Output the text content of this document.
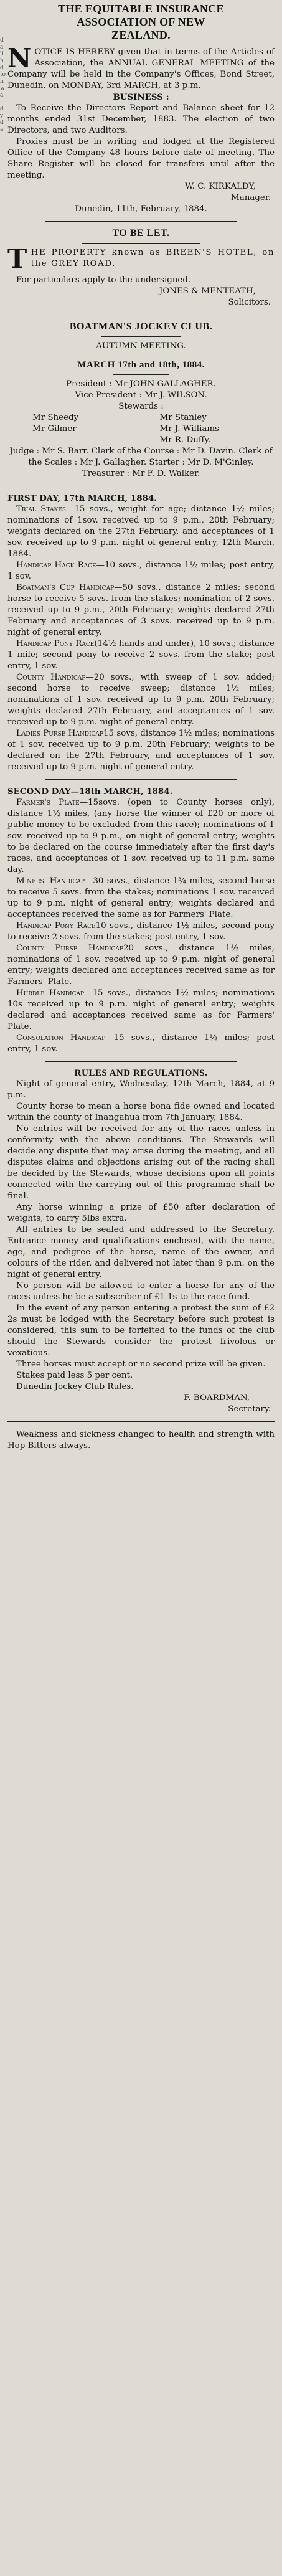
d
a
li
h
d
to
n
w
a

d
y
d
a
THE EQUITABLE INSURANCE
ASSOCIATION OF NEW
ZEALAND.

NOTICE IS HEREBY given that in terms of the Articles of Association, the ANNUAL GENERAL MEETING of the Company will be held in the Company's Offices, Bond Street, Dunedin, on MONDAY, 3rd MARCH, at 3 p.m.

BUSINESS :

To Receive the Directors Report and Balance sheet for 12 months ended 31st December, 1883. The election of two Directors, and two Auditors.

Proxies must be in writing and lodged at the Registered Office of the Company 48 hours before date of meeting. The Share Register will be closed for transfers until after the meeting.

W. C. KIRKALDY,
Manager.
Dunedin, 11th, February, 1884.
TO BE LET.

THE PROPERTY known as BREEN'S HOTEL, on the GREY ROAD.

For particulars apply to the undersigned.

JONES & MENTEATH,
Solicitors.
BOATMAN'S JOCKEY CLUB.
AUTUMN MEETING.
MARCH 17th and 18th, 1884.
President : Mr JOHN GALLAGHER.
Vice-President : Mr J. WILSON.
Stewards :
Mr Sheedy	Mr Stanley
Mr Gilmer	Mr J. Williams
Mr R. Duffy.

Judge : Mr S. Barr. Clerk of the Course : Mr D. Davin. Clerk of the Scales : Mr J. Gallagher. Starter : Mr D. M'Ginley. Treasurer : Mr F. D. Walker.

FIRST DAY, 17th MARCH, 1884.

Trial Stakes—15 sovs., weight for age; distance 1½ miles; nominations of 1sov. received up to 9 p.m., 20th February; weights declared on the 27th February, and acceptances of 1 sov. received up to 9 p.m. night of general entry, 12th March, 1884.

Handicap Hack Race—10 sovs., distance 1½ miles; post entry, 1 sov.

Boatman's Cup Handicap—50 sovs., distance 2 miles; second horse to receive 5 sovs. from the stakes; nomination of 2 sovs. received up to 9 p.m., 20th February; weights declared 27th February and acceptances of 3 sovs. received up to 9 p.m. night of general entry.

Handicap Pony Race(14½ hands and under), 10 sovs.; distance 1 mile; second pony to receive 2 sovs. from the stake; post entry, 1 sov.

County Handicap—20 sovs., with sweep of 1 sov. added; second horse to receive sweep; distance 1½ miles; nominations of 1 sov. received up to 9 p.m. 20th February; weights declared 27th February, and acceptances of 1 sov. received up to 9 p.m. night of general entry.

Ladies Purse Handicap15 sovs, distance 1½ miles; nominations of 1 sov. received up to 9 p.m. 20th February; weights to be declared on the 27th February, and acceptances of 1 sov. received up to 9 p.m. night of general entry.

SECOND DAY—18th MARCH, 1884.

Farmer's Plate—15sovs. (open to County horses only), distance 1½ miles, (any horse the winner of £20 or more of public money to be excluded from this race); nominations of 1 sov. received up to 9 p.m., on night of general entry; weights to be declared on the course immediately after the first day's races, and acceptances of 1 sov. received up to 11 p.m. same day.

Miners' Handicap—30 sovs., distance 1¾ miles, second horse to receive 5 sovs. from the stakes; nominations 1 sov. received up to 9 p.m. night of general entry; weights declared and acceptances received the same as for Farmers' Plate.

Handicap Pony Race10 sovs., distance 1½ miles, second pony to receive 2 sovs. from the stakes; post entry, 1 sov.

County Purse Handicap20 sovs., distance 1½ miles, nominations of 1 sov. received up to 9 p.m. night of general entry; weights declared and acceptances received same as for Farmers' Plate.

Hurdle Handicap—15 sovs., distance 1½ miles; nominations 10s received up to 9 p.m. night of general entry; weights declared and acceptances received same as for Farmers' Plate.

Consolation Handicap—15 sovs., distance 1½ miles; post entry, 1 sov.

RULES AND REGULATIONS.

Night of general entry, Wednesday, 12th March, 1884, at 9 p.m.

County horse to mean a horse bona fide owned and located within the county of Inangahua from 7th January, 1884.

No entries will be received for any of the races unless in conformity with the above conditions. The Stewards will decide any dispute that may arise during the meeting, and all disputes claims and objections arising out of the racing shall be decided by the Stewards, whose decisions upon all points connected with the carrying out of this programme shall be final.

Any horse winning a prize of £50 after declaration of weights, to carry 5lbs extra.

All entries to be sealed and addressed to the Secretary. Entrance money and qualifications enclosed, with the name, age, and pedigree of the horse, name of the owner, and colours of the rider, and delivered not later than 9 p.m. on the night of general entry.

No person will be allowed to enter a horse for any of the races unless he be a subscriber of £1 1s to the race fund.

In the event of any person entering a protest the sum of £2 2s must be lodged with the Secretary before such protest is considered, this sum to be forfeited to the funds of the club should the Stewards consider the protest frivolous or vexatious.

Three horses must accept or no second prize will be given.

Stakes paid less 5 per cent.

Dunedin Jockey Club Rules.

F. BOARDMAN,
Secretary.

Weakness and sickness changed to health and strength with Hop Bitters always.
